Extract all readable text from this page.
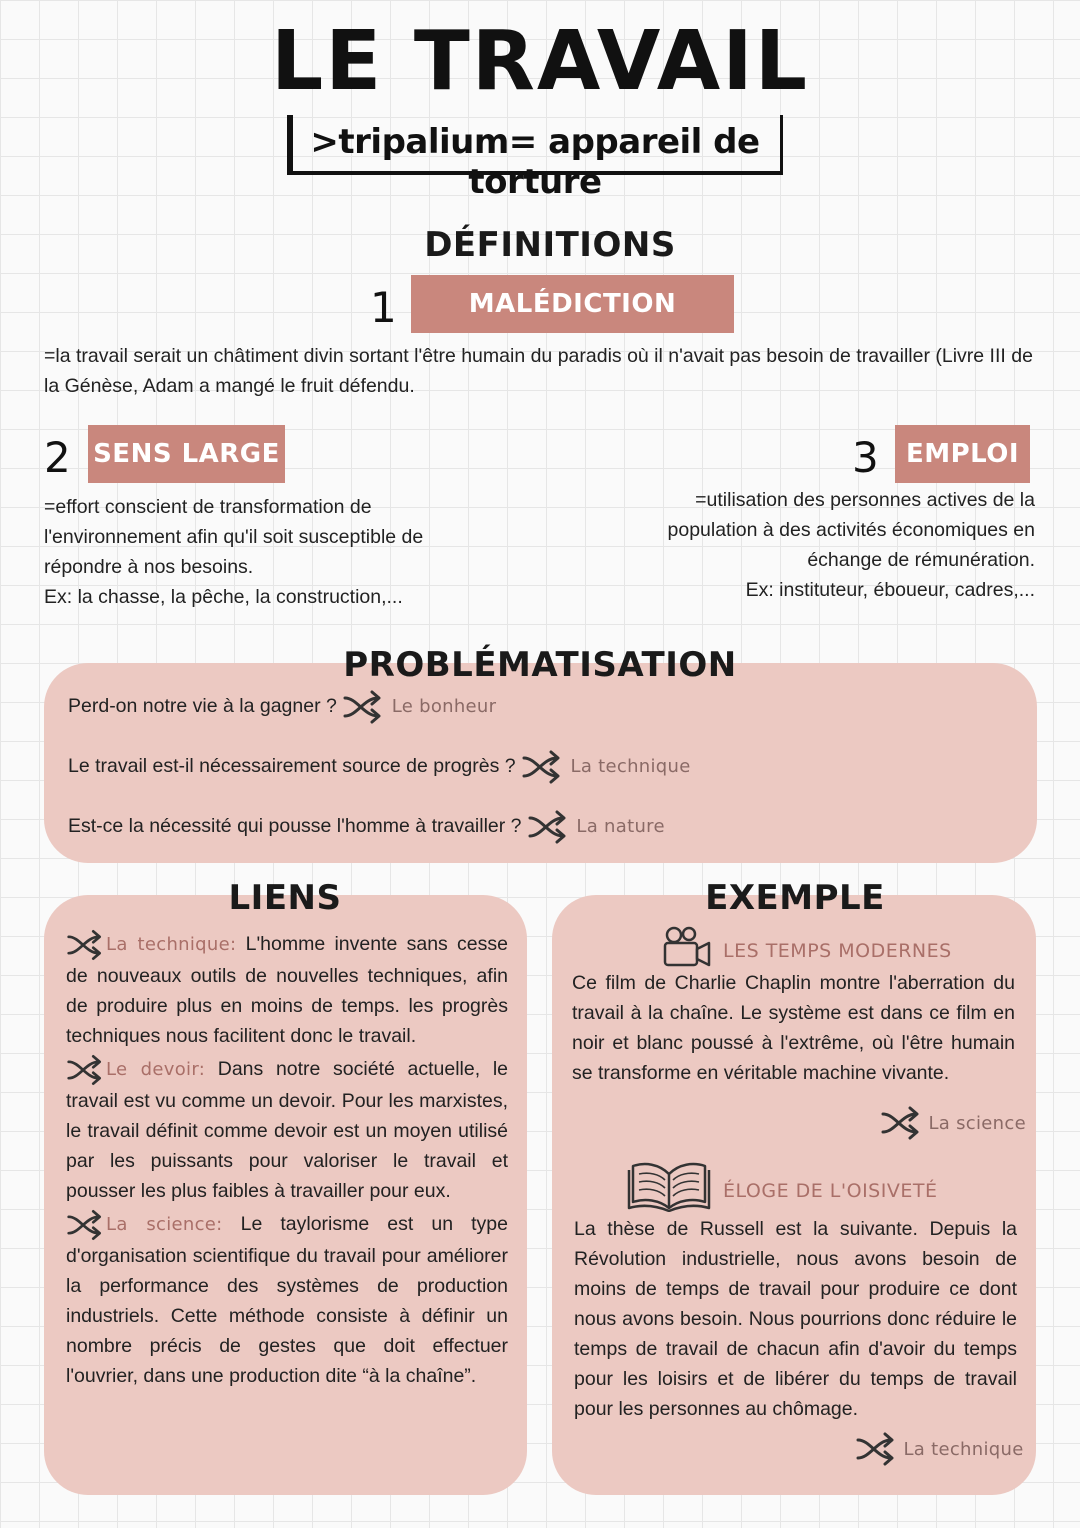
LE TRAVAIL
>tripalium= appareil de torture
DÉFINITIONS
1	MALÉDICTION
=la travail serait un châtiment divin sortant l'être humain du paradis où il n'avait pas besoin de travailler (Livre III de la Génèse, Adam a mangé le fruit défendu.
2 SENS LARGE
=effort conscient de transformation de l'environnement afin qu'il soit susceptible de répondre à nos besoins.
Ex: la chasse, la pêche, la construction,...
3	EMPLOI
=utilisation des personnes actives de la population à des activités économiques en échange de rémunération.
Ex: instituteur, éboueur, cadres,...
PROBLÉMATISATION
Perd-on notre vie à la gagner ?	Le bonheur
Le travail est-il nécessairement source de progrès ?	La technique
Est-ce la nécessité qui pousse l'homme à travailler ?	La nature
LIENS
La technique: L'homme invente sans cesse de nouveaux outils de nouvelles techniques, afin de produire plus en moins de temps. les progrès techniques nous facilitent donc le travail.
Le devoir: Dans notre société actuelle, le travail est vu comme un devoir. Pour les marxistes, le travail définit comme devoir est un moyen utilisé par les puissants pour valoriser le travail et pousser les plus faibles à travailler pour eux.
La science: Le taylorisme est un type d'organisation scientifique du travail pour améliorer la performance des systèmes de production industriels. Cette méthode consiste à définir un nombre précis de gestes que doit effectuer l'ouvrier, dans une production dite “à la chaîne”.
EXEMPLE
LES TEMPS MODERNES
Ce film de Charlie Chaplin montre l'aberration du travail à la chaîne. Le système est dans ce film en noir et blanc poussé à l'extrême, où l'être humain se transforme en véritable machine vivante.
La science
ÉLOGE DE L'OISIVETÉ
La thèse de Russell est la suivante. Depuis la Révolution industrielle, nous avons besoin de moins de temps de travail pour produire ce dont nous avons besoin. Nous pourrions donc réduire le temps de travail de chacun afin d'avoir du temps pour les loisirs et de libérer du temps de travail pour les personnes au chômage.
La technique
